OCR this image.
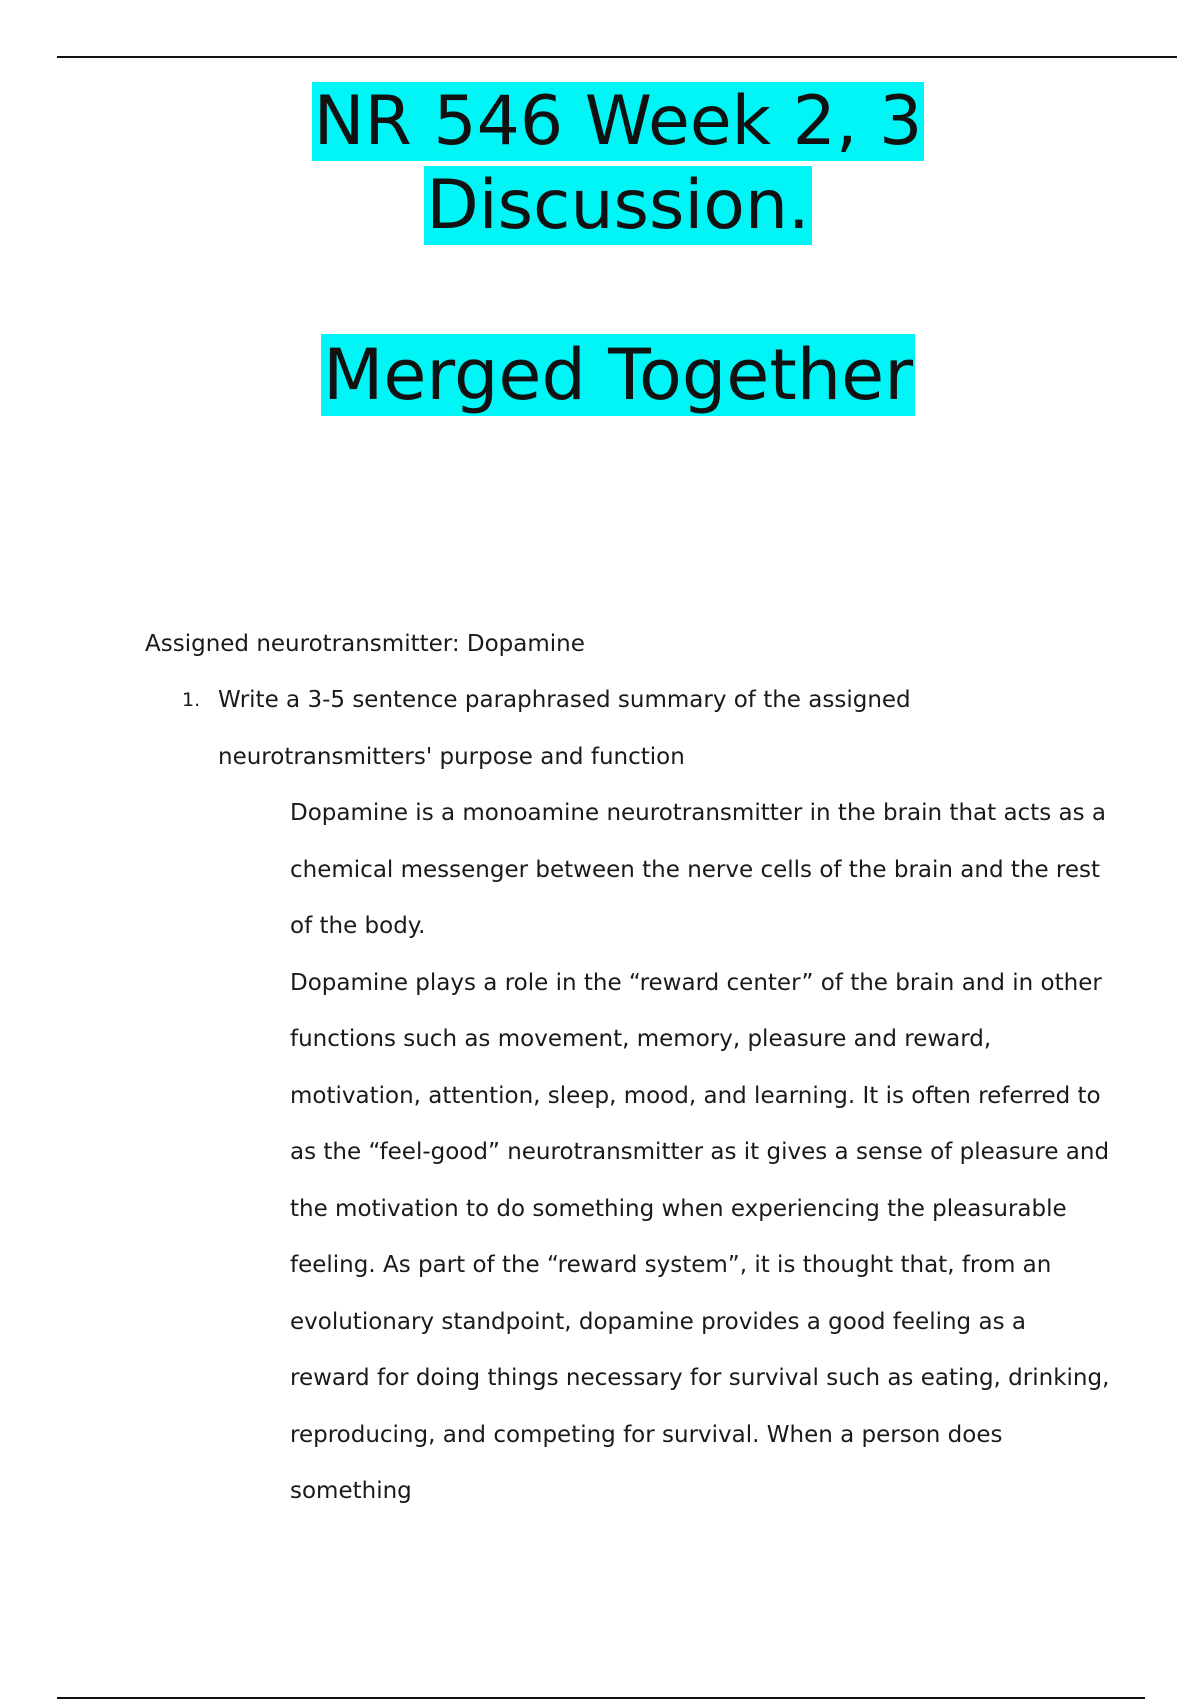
NR 546 Week 2, 3
Discussion.
Merged Together

Assigned neurotransmitter: Dopamine

1. Write a 3-5 sentence paraphrased summary of the assigned neurotransmitters' purpose and function

Dopamine is a monoamine neurotransmitter in the brain that acts as a chemical messenger between the nerve cells of the brain and the rest of the body.

Dopamine plays a role in the “reward center” of the brain and in other functions such as movement, memory, pleasure and reward, motivation, attention, sleep, mood, and learning. It is often referred to as the “feel-good” neurotransmitter as it gives a sense of pleasure and the motivation to do something when experiencing the pleasurable feeling. As part of the “reward system”, it is thought that, from an evolutionary standpoint, dopamine provides a good feeling as a reward for doing things necessary for survival such as eating, drinking, reproducing, and competing for survival. When a person does something
